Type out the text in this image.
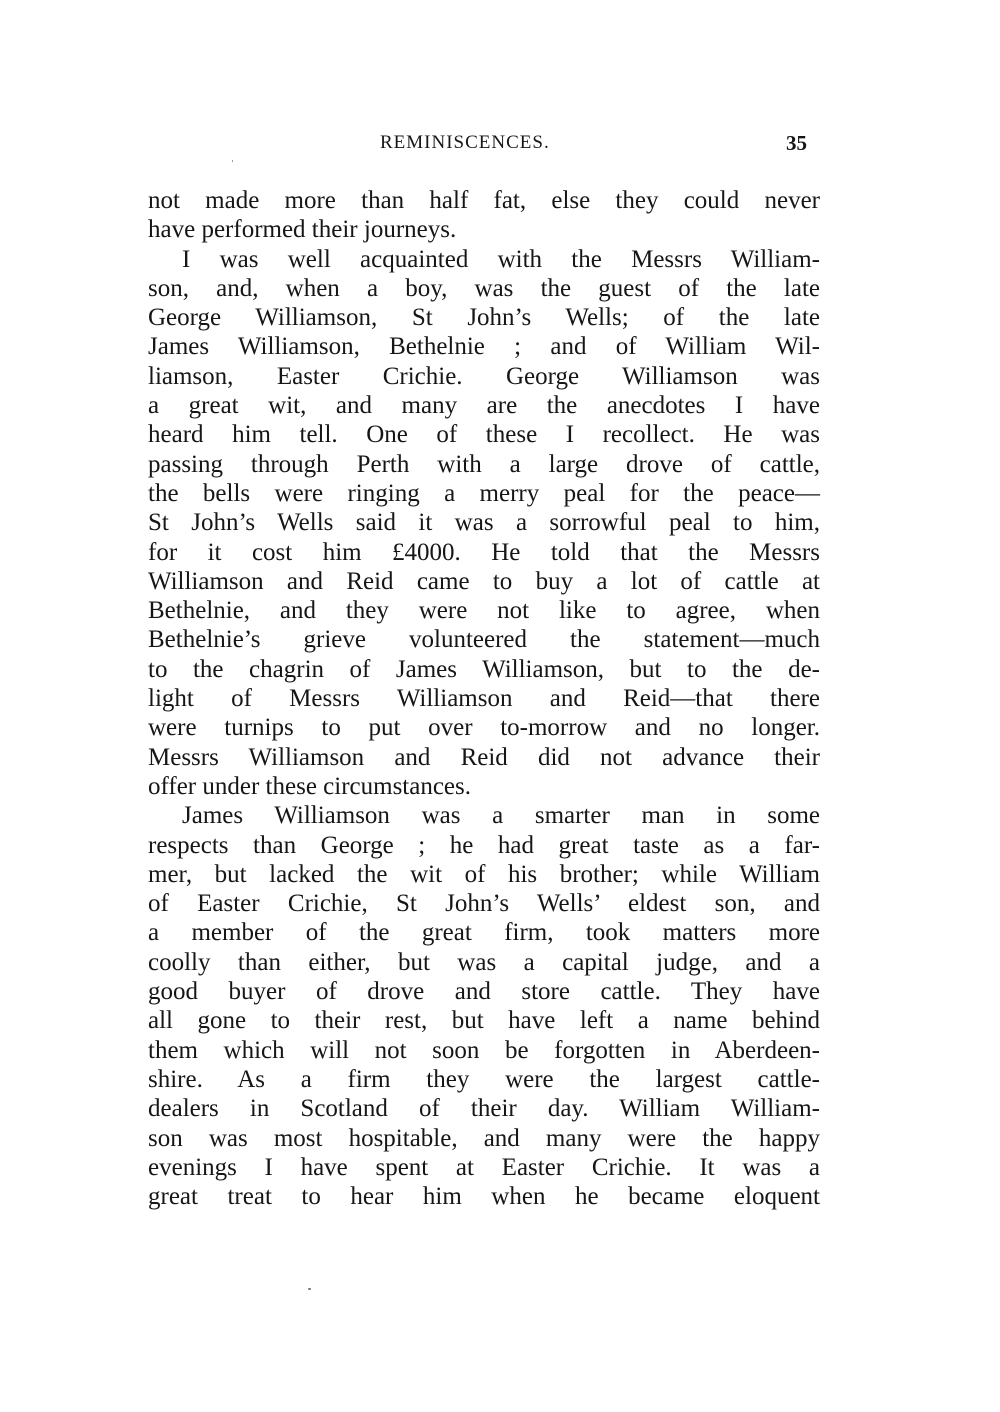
REMINISCENCES.	35
not made more than half fat, else they could never
have performed their journeys.
I was well acquainted with the Messrs William-
son, and, when a boy, was the guest of the late
George Williamson, St John’s Wells; of the late
James Williamson, Bethelnie ; and of William Wil-
liamson, Easter Crichie. George Williamson was
a great wit, and many are the anecdotes I have
heard him tell. One of these I recollect. He was
passing through Perth with a large drove of cattle,
the bells were ringing a merry peal for the peace—
St John’s Wells said it was a sorrowful peal to him,
for it cost him £4000. He told that the Messrs
Williamson and Reid came to buy a lot of cattle at
Bethelnie, and they were not like to agree, when
Bethelnie’s grieve volunteered the statement—much
to the chagrin of James Williamson, but to the de-
light of Messrs Williamson and Reid—that there
were turnips to put over to-morrow and no longer.
Messrs Williamson and Reid did not advance their
offer under these circumstances.
James Williamson was a smarter man in some
respects than George ; he had great taste as a far-
mer, but lacked the wit of his brother; while William
of Easter Crichie, St John’s Wells’ eldest son, and
a member of the great firm, took matters more
coolly than either, but was a capital judge, and a
good buyer of drove and store cattle. They have
all gone to their rest, but have left a name behind
them which will not soon be forgotten in Aberdeen-
shire. As a firm they were the largest cattle-
dealers in Scotland of their day. William William-
son was most hospitable, and many were the happy
evenings I have spent at Easter Crichie. It was a
great treat to hear him when he became eloquent
